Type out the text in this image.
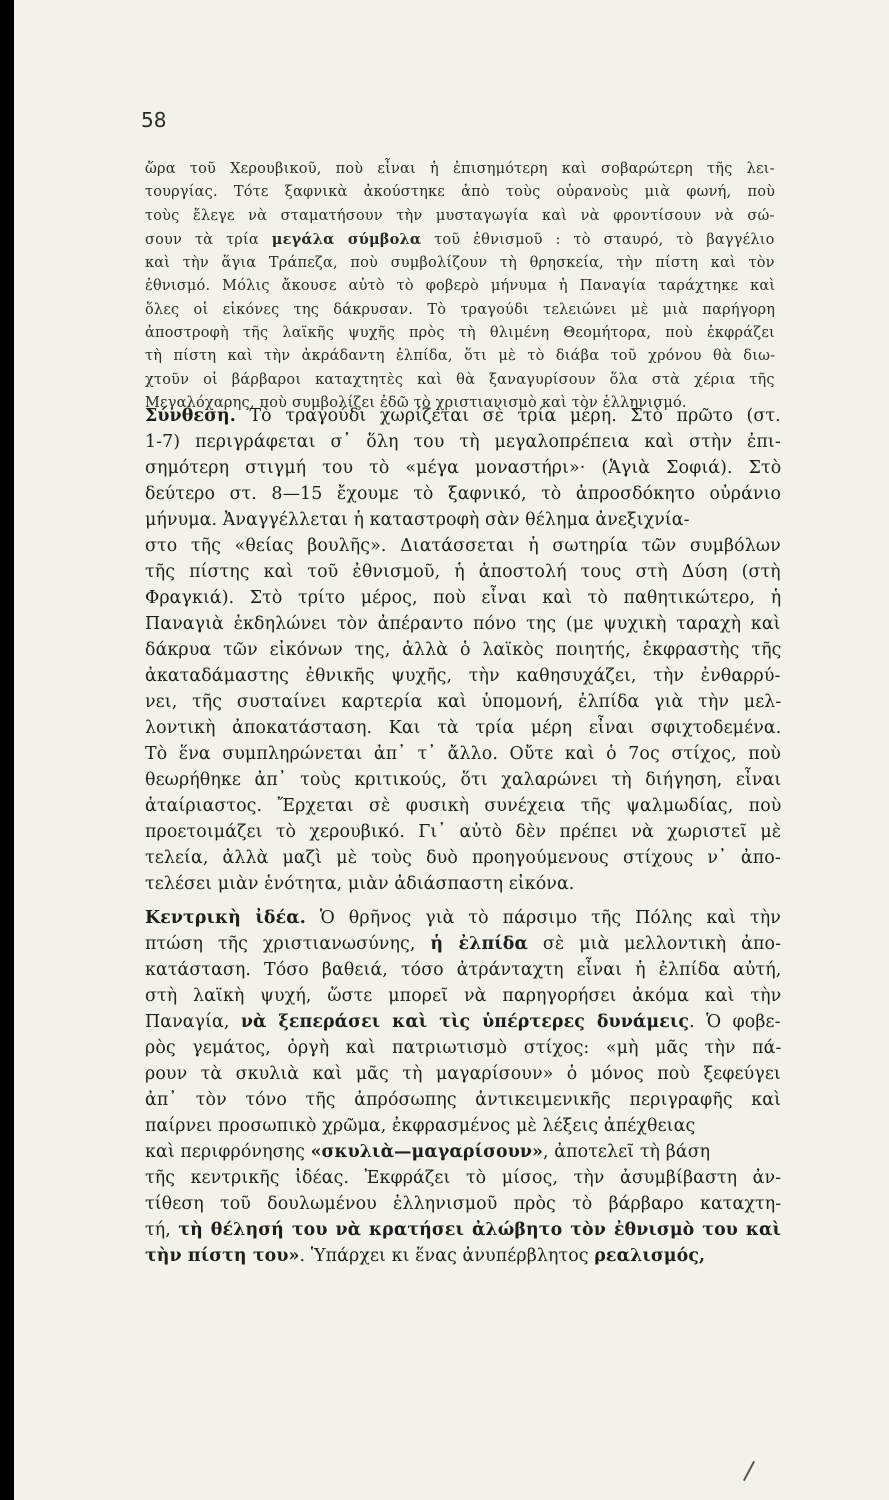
58
ὥρα τοῦ Χερουβικοῦ, ποὺ εἶναι ἡ ἐπισημότερη καὶ σοβαρώτερη τῆς λει-
τουργίας. Τότε ξαφνικὰ ἀκούστηκε ἀπὸ τοὺς οὐρανοὺς μιὰ φωνή, ποὺ
τοὺς ἔλεγε νὰ σταματήσουν τὴν μυσταγωγία καὶ νὰ φροντίσουν νὰ σώ-
σουν τὰ τρία μεγάλα σύμβολα τοῦ ἐθνισμοῦ : τὸ σταυρό, τὸ βαγγέλιο
καὶ τὴν ἅγια Τράπεζα, ποὺ συμβολίζουν τὴ θρησκεία, τὴν πίστη καὶ τὸν
ἐθνισμό. Μόλις ἄκουσε αὐτὸ τὸ φοβερὸ μήνυμα ἡ Παναγία ταράχτηκε καὶ
ὅλες οἱ εἰκόνες της δάκρυσαν. Τὸ τραγούδι τελειώνει μὲ μιὰ παρήγορη
ἀποστροφὴ τῆς λαϊκῆς ψυχῆς πρὸς τὴ θλιμένη Θεομήτορα, ποὺ ἐκφράζει
τὴ πίστη καὶ τὴν ἀκράδαντη ἐλπίδα, ὅτι μὲ τὸ διάβα τοῦ χρόνου θὰ διω-
χτοῦν οἱ βάρβαροι καταχτητὲς καὶ θὰ ξαναγυρίσουν ὅλα στὰ χέρια τῆς
Μεγαλόχαρης, ποὺ συμβολίζει ἐδῶ τὸ χριστιανισμὸ καὶ τὸν ἑλληνισμό.
Σύνθεση. Τὸ τραγούδι χωρίζεται σὲ τρία μέρη. Στὸ πρῶτο (στ.
1-7) περιγράφεται σ᾽ ὅλη του τὴ μεγαλοπρέπεια καὶ στὴν ἐπι-
σημότερη στιγμή του τὸ «μέγα μοναστήρι»· (Ἁγιὰ Σοφιά). Στὸ
δεύτερο στ. 8—15 ἔχουμε τὸ ξαφνικό, τὸ ἀπροσδόκητο οὐράνιο
μήνυμα. Ἀναγγέλλεται ἡ καταστροφὴ σὰν θέλημα ἀνεξιχνία-
στο τῆς «θείας βουλῆς». Διατάσσεται ἡ σωτηρία τῶν συμβόλων
τῆς πίστης καὶ τοῦ ἐθνισμοῦ, ἡ ἀποστολή τους στὴ Δύση (στὴ
Φραγκιά). Στὸ τρίτο μέρος, ποὺ εἶναι καὶ τὸ παθητικώτερο, ἡ
Παναγιὰ ἐκδηλώνει τὸν ἀπέραντο πόνο της (με ψυχικὴ ταραχὴ καὶ
δάκρυα τῶν εἰκόνων της, ἀλλὰ ὁ λαϊκὸς ποιητής, ἐκφραστὴς τῆς
ἀκαταδάμαστης ἐθνικῆς ψυχῆς, τὴν καθησυχάζει, τὴν ἐνθαρρύ-
νει, τῆς συσταίνει καρτερία καὶ ὑπομονή, ἐλπίδα γιὰ τὴν μελ-
λοντικὴ ἀποκατάσταση. Και τὰ τρία μέρη εἶναι σφιχτοδεμένα.
Τὸ ἕνα συμπληρώνεται ἀπ᾽ τ᾽ ἄλλο. Οὔτε καὶ ὁ 7ος στίχος, ποὺ
θεωρήθηκε ἀπ᾽ τοὺς κριτικούς, ὅτι χαλαρώνει τὴ διήγηση, εἶναι
ἀταίριαστος. Ἔρχεται σὲ φυσικὴ συνέχεια τῆς ψαλμωδίας, ποὺ
προετοιμάζει τὸ χερουβικό. Γι᾽ αὐτὸ δὲν πρέπει νὰ χωριστεῖ μὲ
τελεία, ἀλλὰ μαζὶ μὲ τοὺς δυὸ προηγούμενους στίχους ν᾽ ἀπο-
τελέσει μιὰν ἑνότητα, μιὰν ἀδιάσπαστη εἰκόνα.
Κεντρικὴ ἰδέα. Ὁ θρῆνος γιὰ τὸ πάρσιμο τῆς Πόλης καὶ τὴν
πτώση τῆς χριστιανωσύνης, ἡ ἐλπίδα σὲ μιὰ μελλοντικὴ ἀπο-
κατάσταση. Τόσο βαθειά, τόσο ἀτράνταχτη εἶναι ἡ ἐλπίδα αὐτή,
στὴ λαϊκὴ ψυχή, ὥστε μπορεῖ νὰ παρηγορήσει ἀκόμα καὶ τὴν
Παναγία, νὰ ξεπεράσει καὶ τὶς ὑπέρτερες δυνάμεις. Ὁ φοβε-
ρὸς γεμάτος, ὀργὴ καὶ πατριωτισμὸ στίχος: «μὴ μᾶς τὴν πά-
ρουν τὰ σκυλιὰ καὶ μᾶς τὴ μαγαρίσουν» ὁ μόνος ποὺ ξεφεύγει
ἀπ᾽ τὸν τόνο τῆς ἀπρόσωπης ἀντικειμενικῆς περιγραφῆς καὶ
παίρνει προσωπικὸ χρῶμα, ἐκφρασμένος μὲ λέξεις ἀπέχθειας
καὶ περιφρόνησης «σκυλιὰ—μαγαρίσουν», ἀποτελεῖ τὴ βάση
τῆς κεντρικῆς ἰδέας. Ἐκφράζει τὸ μίσος, τὴν ἀσυμβίβαστη ἀν-
τίθεση τοῦ δουλωμένου ἑλληνισμοῦ πρὸς τὸ βάρβαρο καταχτη-
τή, τὴ θέλησή του νὰ κρατήσει ἀλώβητο τὸν ἐθνισμὸ του καὶ
τὴν πίστη του». Ὑπάρχει κι ἕνας ἀνυπέρβλητος ρεαλισμός,
